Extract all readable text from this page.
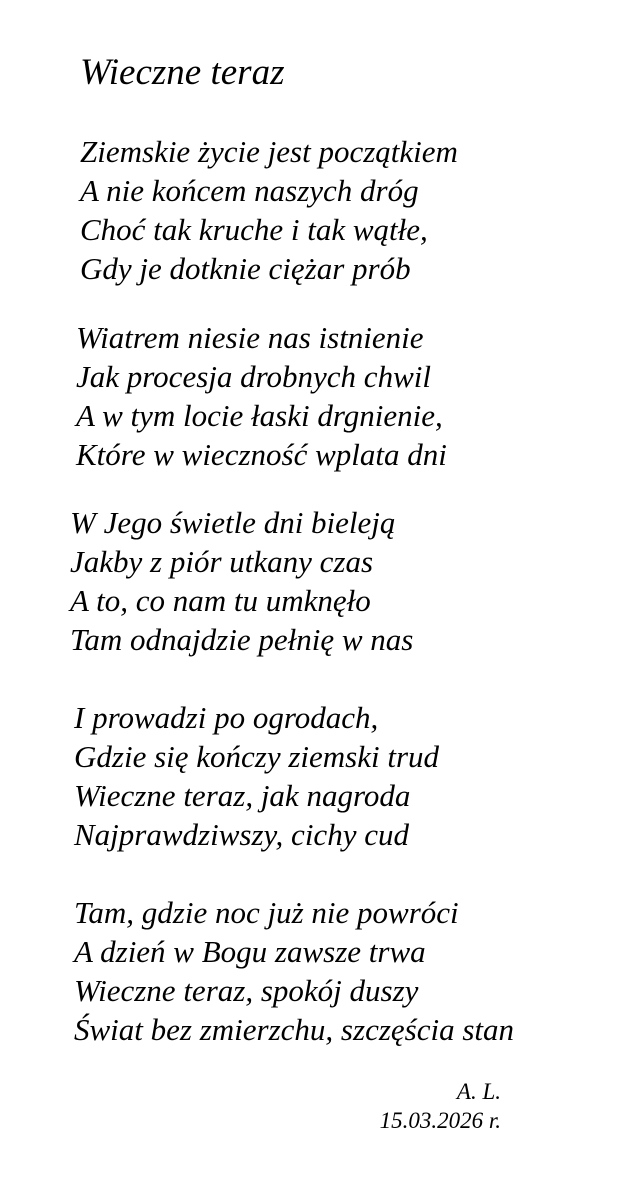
Wieczne teraz
Ziemskie życie jest początkiem
A nie końcem naszych dróg
Choć tak kruche i tak wątłe,
Gdy je dotknie ciężar prób
Wiatrem niesie nas istnienie
Jak procesja drobnych chwil
A w tym locie łaski drgnienie,
Które w wieczność wplata dni
W Jego świetle dni bieleją
Jakby z piór utkany czas
A to, co nam tu umknęło
Tam odnajdzie pełnię w nas
I prowadzi po ogrodach,
Gdzie się kończy ziemski trud
Wieczne teraz, jak nagroda
Najprawdziwszy, cichy cud
Tam, gdzie noc już nie powróci
A dzień w Bogu zawsze trwa
Wieczne teraz, spokój duszy
Świat bez zmierzchu, szczęścia stan
A. L.
15.03.2026 r.
